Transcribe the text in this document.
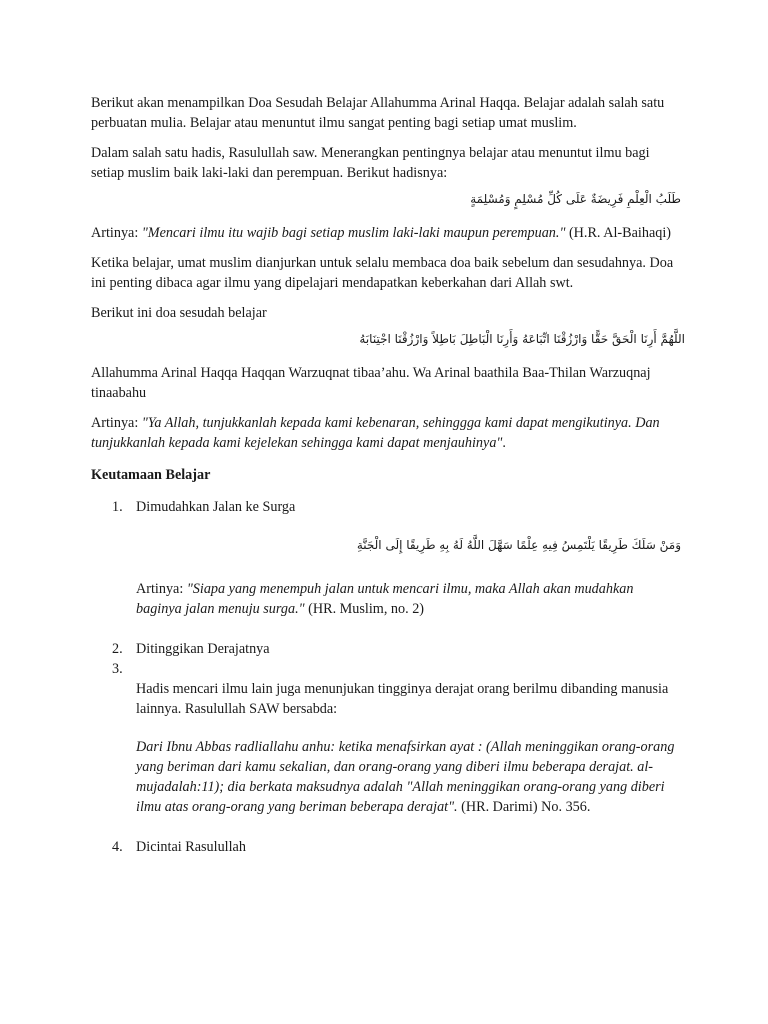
Berikut akan menampilkan Doa Sesudah Belajar Allahumma Arinal Haqqa. Belajar adalah salah satu perbuatan mulia. Belajar atau menuntut ilmu sangat penting bagi setiap umat muslim.

Dalam salah satu hadis, Rasulullah saw. Menerangkan pentingnya belajar atau menuntut ilmu bagi setiap muslim baik laki-laki dan perempuan. Berikut hadisnya:

طَلَبُ الْعِلْمِ فَرِيضَةٌ عَلَى كُلِّ مُسْلِمٍ وَمُسْلِمَةٍ

Artinya: "Mencari ilmu itu wajib bagi setiap muslim laki-laki maupun perempuan." (H.R. Al-Baihaqi)

Ketika belajar, umat muslim dianjurkan untuk selalu membaca doa baik sebelum dan sesudahnya. Doa ini penting dibaca agar ilmu yang dipelajari mendapatkan keberkahan dari Allah swt.

Berikut ini doa sesudah belajar

اللَّهُمَّ أَرِنَا الْحَقَّ حَقًّا وَارْزُقْنَا اتِّبَاعَهُ وَأَرِنَا الْبَاطِلَ بَاطِلاً وَارْزُقْنَا اجْتِنَابَهُ

Allahumma Arinal Haqqa Haqqan Warzuqnat tibaa’ahu. Wa Arinal baathila Baa-Thilan Warzuqnaj tinaabahu

Artinya: "Ya Allah, tunjukkanlah kepada kami kebenaran, sehinggga kami dapat mengikutinya. Dan tunjukkanlah kepada kami kejelekan sehingga kami dapat menjauhinya".

Keutamaan Belajar
1. Dimudahkan Jalan ke Surga
وَمَنْ سَلَكَ طَرِيقًا يَلْتَمِسُ فِيهِ عِلْمًا سَهَّلَ اللَّهُ لَهُ بِهِ طَرِيقًا إِلَى الْجَنَّةِ

Artinya: "Siapa yang menempuh jalan untuk mencari ilmu, maka Allah akan mudahkan baginya jalan menuju surga." (HR. Muslim, no. 2)

2. Ditinggikan Derajatnya
3.

Hadis mencari ilmu lain juga menunjukan tingginya derajat orang berilmu dibanding manusia lainnya. Rasulullah SAW bersabda:

Dari Ibnu Abbas radliallahu anhu: ketika menafsirkan ayat : (Allah meninggikan orang-orang yang beriman dari kamu sekalian, dan orang-orang yang diberi ilmu beberapa derajat. al-mujadalah:11); dia berkata maksudnya adalah "Allah meninggikan orang-orang yang diberi ilmu atas orang-orang yang beriman beberapa derajat". (HR. Darimi) No. 356.

4. Dicintai Rasulullah
